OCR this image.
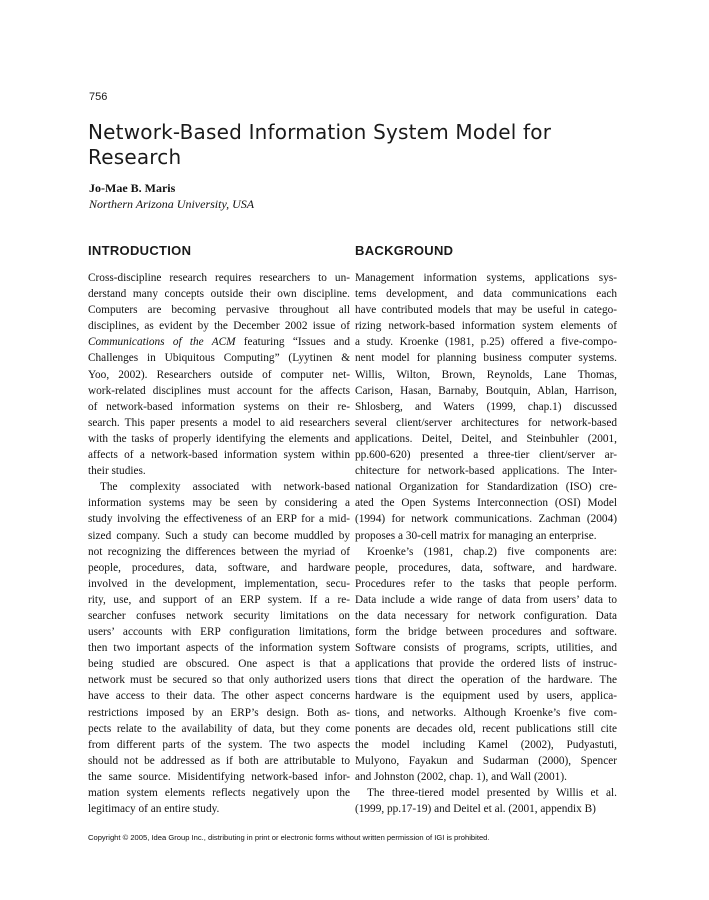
756
Network-Based Information System Model for
Research
Jo-Mae B. Maris
Northern Arizona University, USA
INTRODUCTION	BACKGROUND
Cross-discipline research requires researchers to un-
derstand many concepts outside their own discipline.
Computers are becoming pervasive throughout all
disciplines, as evident by the December 2002 issue of
Communications of the ACM featuring “Issues and
Challenges in Ubiquitous Computing” (Lyytinen &
Yoo, 2002). Researchers outside of computer net-
work-related disciplines must account for the affects
of network-based information systems on their re-
search. This paper presents a model to aid researchers
with the tasks of properly identifying the elements and
affects of a network-based information system within
their studies.
The complexity associated with network-based
information systems may be seen by considering a
study involving the effectiveness of an ERP for a mid-
sized company. Such a study can become muddled by
not recognizing the differences between the myriad of
people, procedures, data, software, and hardware
involved in the development, implementation, secu-
rity, use, and support of an ERP system. If a re-
searcher confuses network security limitations on
users’ accounts with ERP configuration limitations,
then two important aspects of the information system
being studied are obscured. One aspect is that a
network must be secured so that only authorized users
have access to their data. The other aspect concerns
restrictions imposed by an ERP’s design. Both as-
pects relate to the availability of data, but they come
from different parts of the system. The two aspects
should not be addressed as if both are attributable to
the same source. Misidentifying network-based infor-
mation system elements reflects negatively upon the
legitimacy of an entire study.
Management information systems, applications sys-
tems development, and data communications each
have contributed models that may be useful in catego-
rizing network-based information system elements of
a study. Kroenke (1981, p.25) offered a five-compo-
nent model for planning business computer systems.
Willis, Wilton, Brown, Reynolds, Lane Thomas,
Carison, Hasan, Barnaby, Boutquin, Ablan, Harrison,
Shlosberg, and Waters (1999, chap.1) discussed
several client/server architectures for network-based
applications. Deitel, Deitel, and Steinbuhler (2001,
pp.600-620) presented a three-tier client/server ar-
chitecture for network-based applications. The Inter-
national Organization for Standardization (ISO) cre-
ated the Open Systems Interconnection (OSI) Model
(1994) for network communications. Zachman (2004)
proposes a 30-cell matrix for managing an enterprise.
Kroenke’s (1981, chap.2) five components are:
people, procedures, data, software, and hardware.
Procedures refer to the tasks that people perform.
Data include a wide range of data from users’ data to
the data necessary for network configuration. Data
form the bridge between procedures and software.
Software consists of programs, scripts, utilities, and
applications that provide the ordered lists of instruc-
tions that direct the operation of the hardware. The
hardware is the equipment used by users, applica-
tions, and networks. Although Kroenke’s five com-
ponents are decades old, recent publications still cite
the model including Kamel (2002), Pudyastuti,
Mulyono, Fayakun and Sudarman (2000), Spencer
and Johnston (2002, chap. 1), and Wall (2001).
The three-tiered model presented by Willis et al.
(1999, pp.17-19) and Deitel et al. (2001, appendix B)
Copyright © 2005, Idea Group Inc., distributing in print or electronic forms without written permission of IGI is prohibited.
